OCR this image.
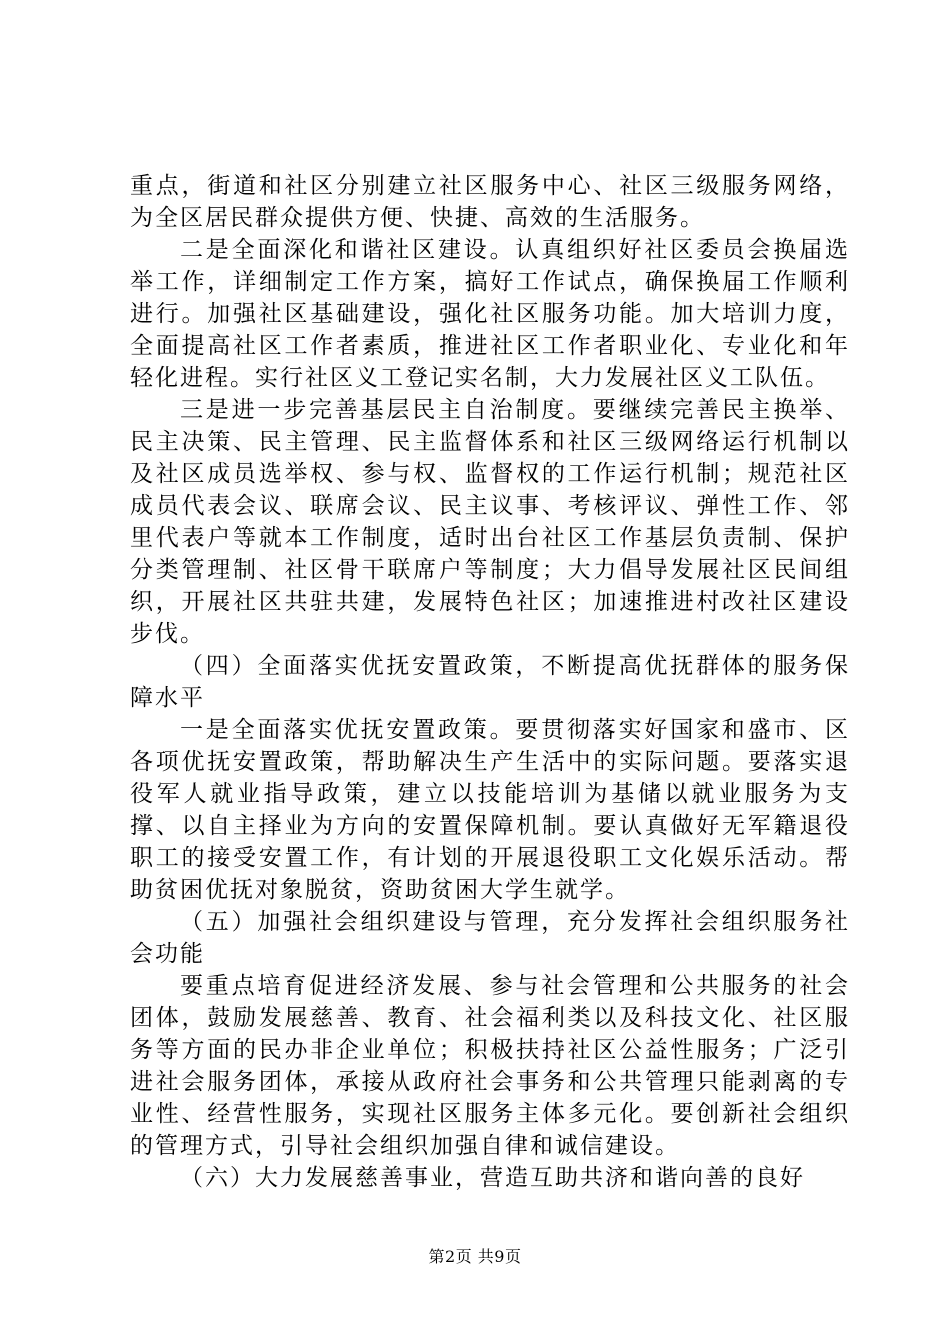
重点，街道和社区分别建立社区服务中心、社区三级服务网络，为全区居民群众提供方便、快捷、高效的生活服务。

二是全面深化和谐社区建设。认真组织好社区委员会换届选举工作，详细制定工作方案，搞好工作试点，确保换届工作顺利进行。加强社区基础建设，强化社区服务功能。加大培训力度，全面提高社区工作者素质，推进社区工作者职业化、专业化和年轻化进程。实行社区义工登记实名制，大力发展社区义工队伍。

三是进一步完善基层民主自治制度。要继续完善民主换举、民主决策、民主管理、民主监督体系和社区三级网络运行机制以及社区成员选举权、参与权、监督权的工作运行机制；规范社区成员代表会议、联席会议、民主议事、考核评议、弹性工作、邻里代表户等就本工作制度，适时出台社区工作基层负责制、保护分类管理制、社区骨干联席户等制度；大力倡导发展社区民间组织，开展社区共驻共建，发展特色社区；加速推进村改社区建设步伐。

（四）全面落实优抚安置政策，不断提高优抚群体的服务保障水平

一是全面落实优抚安置政策。要贯彻落实好国家和盛市、区各项优抚安置政策，帮助解决生产生活中的实际问题。要落实退役军人就业指导政策，建立以技能培训为基储以就业服务为支撑、以自主择业为方向的安置保障机制。要认真做好无军籍退役职工的接受安置工作，有计划的开展退役职工文化娱乐活动。帮助贫困优抚对象脱贫，资助贫困大学生就学。

（五）加强社会组织建设与管理，充分发挥社会组织服务社会功能

要重点培育促进经济发展、参与社会管理和公共服务的社会团体，鼓励发展慈善、教育、社会福利类以及科技文化、社区服务等方面的民办非企业单位；积极扶持社区公益性服务；广泛引进社会服务团体，承接从政府社会事务和公共管理只能剥离的专业性、经营性服务，实现社区服务主体多元化。要创新社会组织的管理方式，引导社会组织加强自律和诚信建设。

（六）大力发展慈善事业，营造互助共济和谐向善的良好

第2页 共9页
